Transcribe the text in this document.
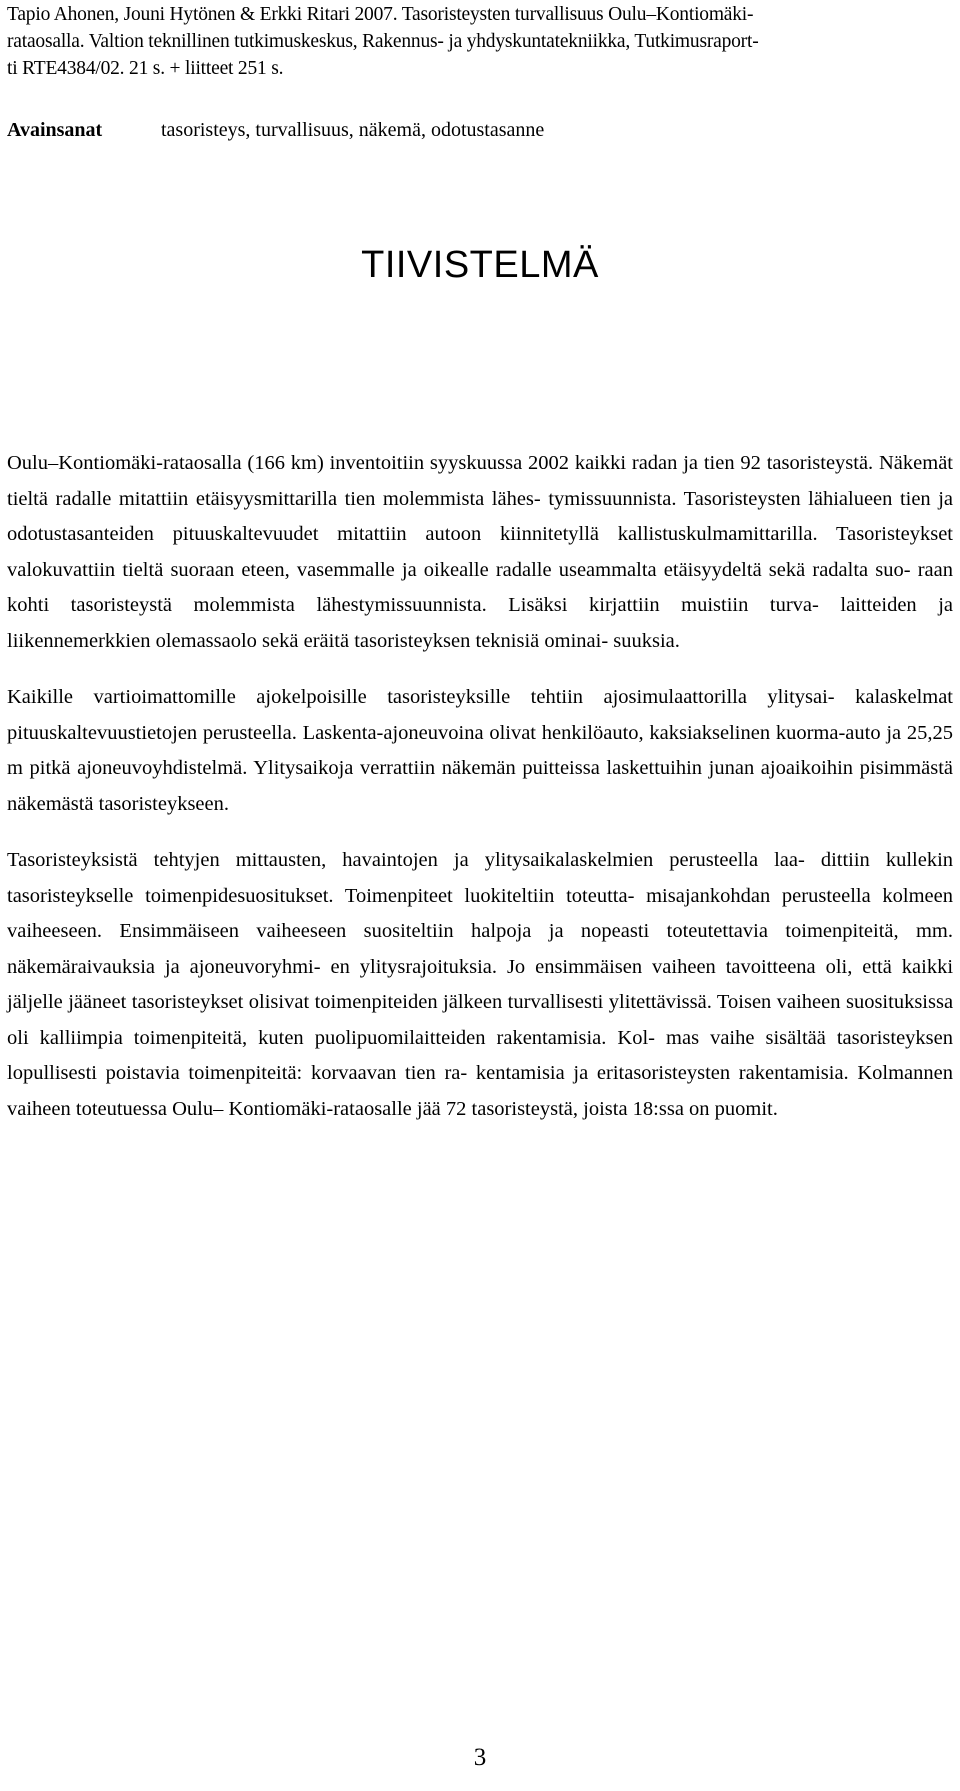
Tapio Ahonen, Jouni Hytönen & Erkki Ritari 2007. Tasoristeysten turvallisuus Oulu–Kontiomäki-
rataosalla. Valtion teknillinen tutkimuskeskus, Rakennus- ja yhdyskuntatekniikka, Tutkimusraport-
ti RTE4384/02. 21 s. + liitteet 251 s.
Avainsanat	tasoristeys, turvallisuus, näkemä, odotustasanne
TIIVISTELMÄ

Oulu–Kontiomäki-rataosalla (166 km) inventoitiin syyskuussa 2002 kaikki radan ja tien 92 tasoristeystä. Näkemät tieltä radalle mitattiin etäisyysmittarilla tien molemmista lähes- tymissuunnista. Tasoristeysten lähialueen tien ja odotustasanteiden pituuskaltevuudet mitattiin autoon kiinnitetyllä kallistuskulmamittarilla. Tasoristeykset valokuvattiin tieltä suoraan eteen, vasemmalle ja oikealle radalle useammalta etäisyydeltä sekä radalta suo- raan kohti tasoristeystä molemmista lähestymissuunnista. Lisäksi kirjattiin muistiin turva- laitteiden ja liikennemerkkien olemassaolo sekä eräitä tasoristeyksen teknisiä ominai- suuksia.

Kaikille vartioimattomille ajokelpoisille tasoristeyksille tehtiin ajosimulaattorilla ylitysai- kalaskelmat pituuskaltevuustietojen perusteella. Laskenta-ajoneuvoina olivat henkilöauto, kaksiakselinen kuorma-auto ja 25,25 m pitkä ajoneuvoyhdistelmä. Ylitysaikoja verrattiin näkemän puitteissa laskettuihin junan ajoaikoihin pisimmästä näkemästä tasoristeykseen.

Tasoristeyksistä tehtyjen mittausten, havaintojen ja ylitysaikalaskelmien perusteella laa- dittiin kullekin tasoristeykselle toimenpidesuositukset. Toimenpiteet luokiteltiin toteutta- misajankohdan perusteella kolmeen vaiheeseen. Ensimmäiseen vaiheeseen suositeltiin halpoja ja nopeasti toteutettavia toimenpiteitä, mm. näkemäraivauksia ja ajoneuvoryhmi- en ylitysrajoituksia. Jo ensimmäisen vaiheen tavoitteena oli, että kaikki jäljelle jääneet tasoristeykset olisivat toimenpiteiden jälkeen turvallisesti ylitettävissä. Toisen vaiheen suosituksissa oli kalliimpia toimenpiteitä, kuten puolipuomilaitteiden rakentamisia. Kol- mas vaihe sisältää tasoristeyksen lopullisesti poistavia toimenpiteitä: korvaavan tien ra- kentamisia ja eritasoristeysten rakentamisia. Kolmannen vaiheen toteutuessa Oulu– Kontiomäki-rataosalle jää 72 tasoristeystä, joista 18:ssa on puomit.

3
